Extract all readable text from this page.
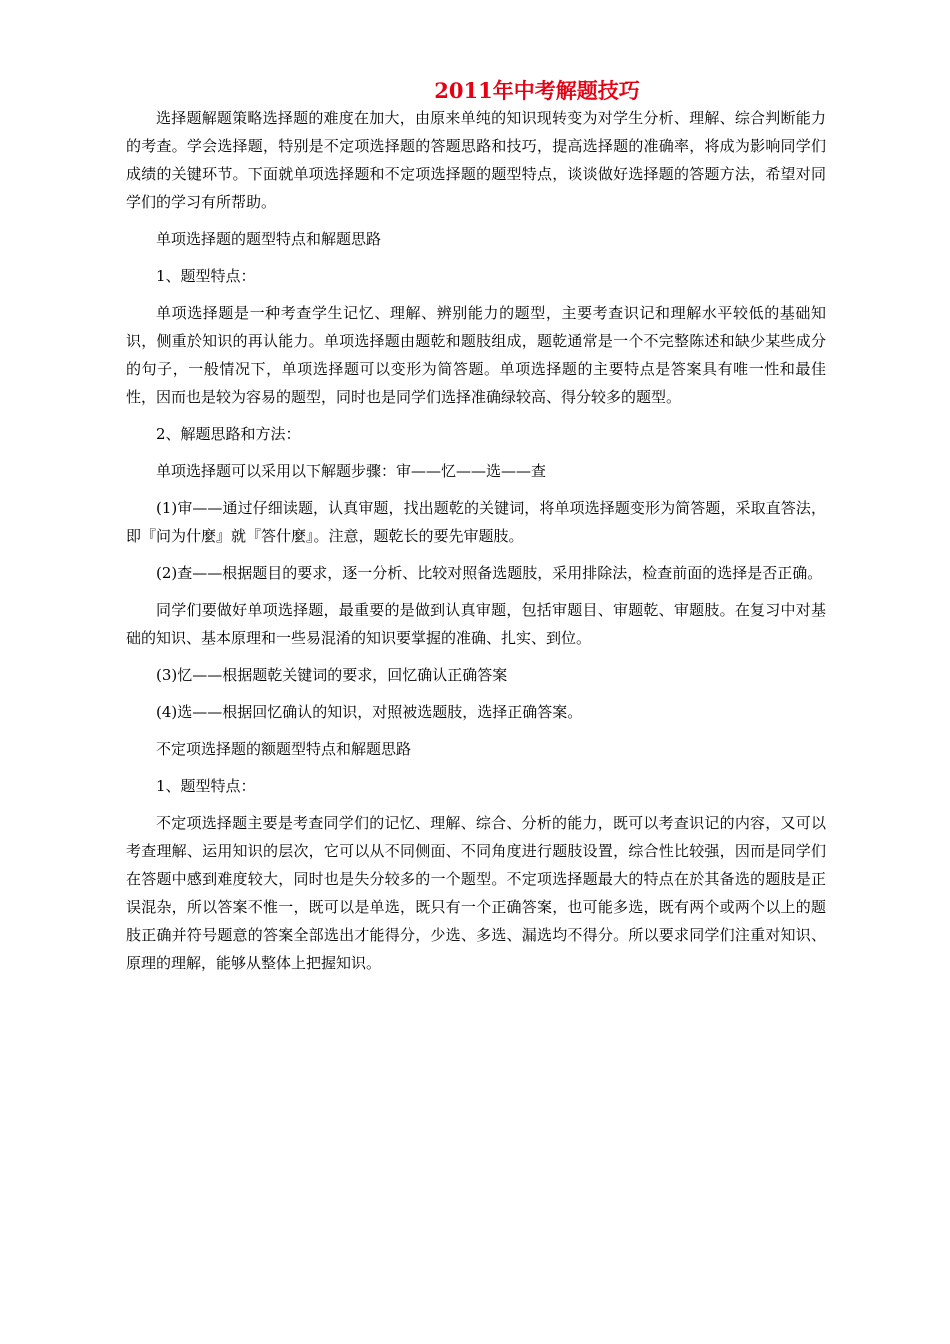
2011年中考解题技巧

选择题解题策略选择题的难度在加大，由原来单纯的知识现转变为对学生分析、理解、综合判断能力的考查。学会选择题，特别是不定项选择题的答题思路和技巧，提高选择题的准确率，将成为影响同学们成绩的关键环节。下面就单项选择题和不定项选择题的题型特点，谈谈做好选择题的答题方法，希望对同学们的学习有所帮助。

单项选择题的题型特点和解题思路

1、题型特点：

单项选择题是一种考查学生记忆、理解、辨别能力的题型，主要考查识记和理解水平较低的基础知识，侧重於知识的再认能力。单项选择题由题乾和题肢组成，题乾通常是一个不完整陈述和缺少某些成分的句子，一般情况下，单项选择题可以变形为简答题。单项选择题的主要特点是答案具有唯一性和最佳性，因而也是较为容易的题型，同时也是同学们选择准确绿较高、得分较多的题型。

2、解题思路和方法：

单项选择题可以采用以下解题步骤：审——忆——选——查

(1)审——通过仔细读题，认真审题，找出题乾的关键词，将单项选择题变形为简答题，采取直答法，即『问为什麼』就『答什麼』。注意，题乾长的要先审题肢。

(2)查——根据题目的要求，逐一分析、比较对照备选题肢，采用排除法，检查前面的选择是否正确。

同学们要做好单项选择题，最重要的是做到认真审题，包括审题目、审题乾、审题肢。在复习中对基础的知识、基本原理和一些易混淆的知识要掌握的准确、扎实、到位。

(3)忆——根据题乾关键词的要求，回忆确认正确答案

(4)选——根据回忆确认的知识，对照被选题肢，选择正确答案。

不定项选择题的额题型特点和解题思路

1、题型特点：

不定项选择题主要是考查同学们的记忆、理解、综合、分析的能力，既可以考查识记的内容，又可以考查理解、运用知识的层次，它可以从不同侧面、不同角度进行题肢设置，综合性比较强，因而是同学们在答题中感到难度较大，同时也是失分较多的一个题型。不定项选择题最大的特点在於其备选的题肢是正误混杂，所以答案不惟一，既可以是单选，既只有一个正确答案，也可能多选，既有两个或两个以上的题肢正确并符号题意的答案全部选出才能得分，少选、多选、漏选均不得分。所以要求同学们注重对知识、原理的理解，能够从整体上把握知识。
